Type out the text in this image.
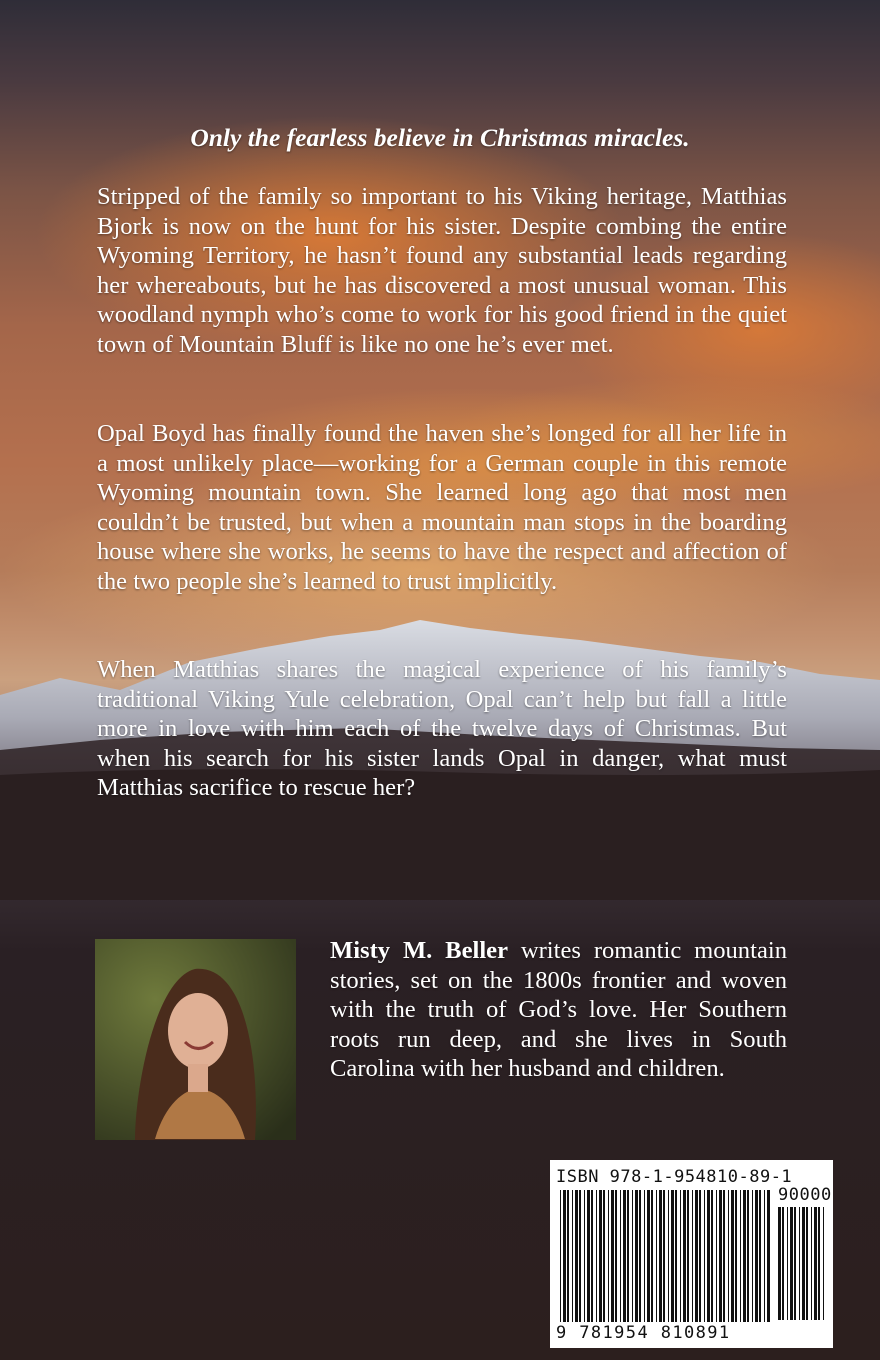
Only the fearless believe in Christmas miracles.

Stripped of the family so important to his Viking heritage, Matthias Bjork is now on the hunt for his sister. Despite combing the entire Wyoming Territory, he hasn’t found any substantial leads regarding her whereabouts, but he has discovered a most unusual woman. This woodland nymph who’s come to work for his good friend in the quiet town of Mountain Bluff is like no one he’s ever met.

Opal Boyd has finally found the haven she’s longed for all her life in a most unlikely place—working for a German couple in this remote Wyoming mountain town. She learned long ago that most men couldn’t be trusted, but when a mountain man stops in the boarding house where she works, he seems to have the respect and affection of the two people she’s learned to trust implicitly.

When Matthias shares the magical experience of his family’s traditional Viking Yule celebration, Opal can’t help but fall a little more in love with him each of the twelve days of Christmas. But when his search for his sister lands Opal in danger, what must Matthias sacrifice to rescue her?

Misty M. Beller writes romantic mountain stories, set on the 1800s frontier and woven with the truth of God’s love. Her Southern roots run deep, and she lives in South Carolina with her husband and children.
ISBN 978-1-954810-89-1
90000
9 781954 810891
